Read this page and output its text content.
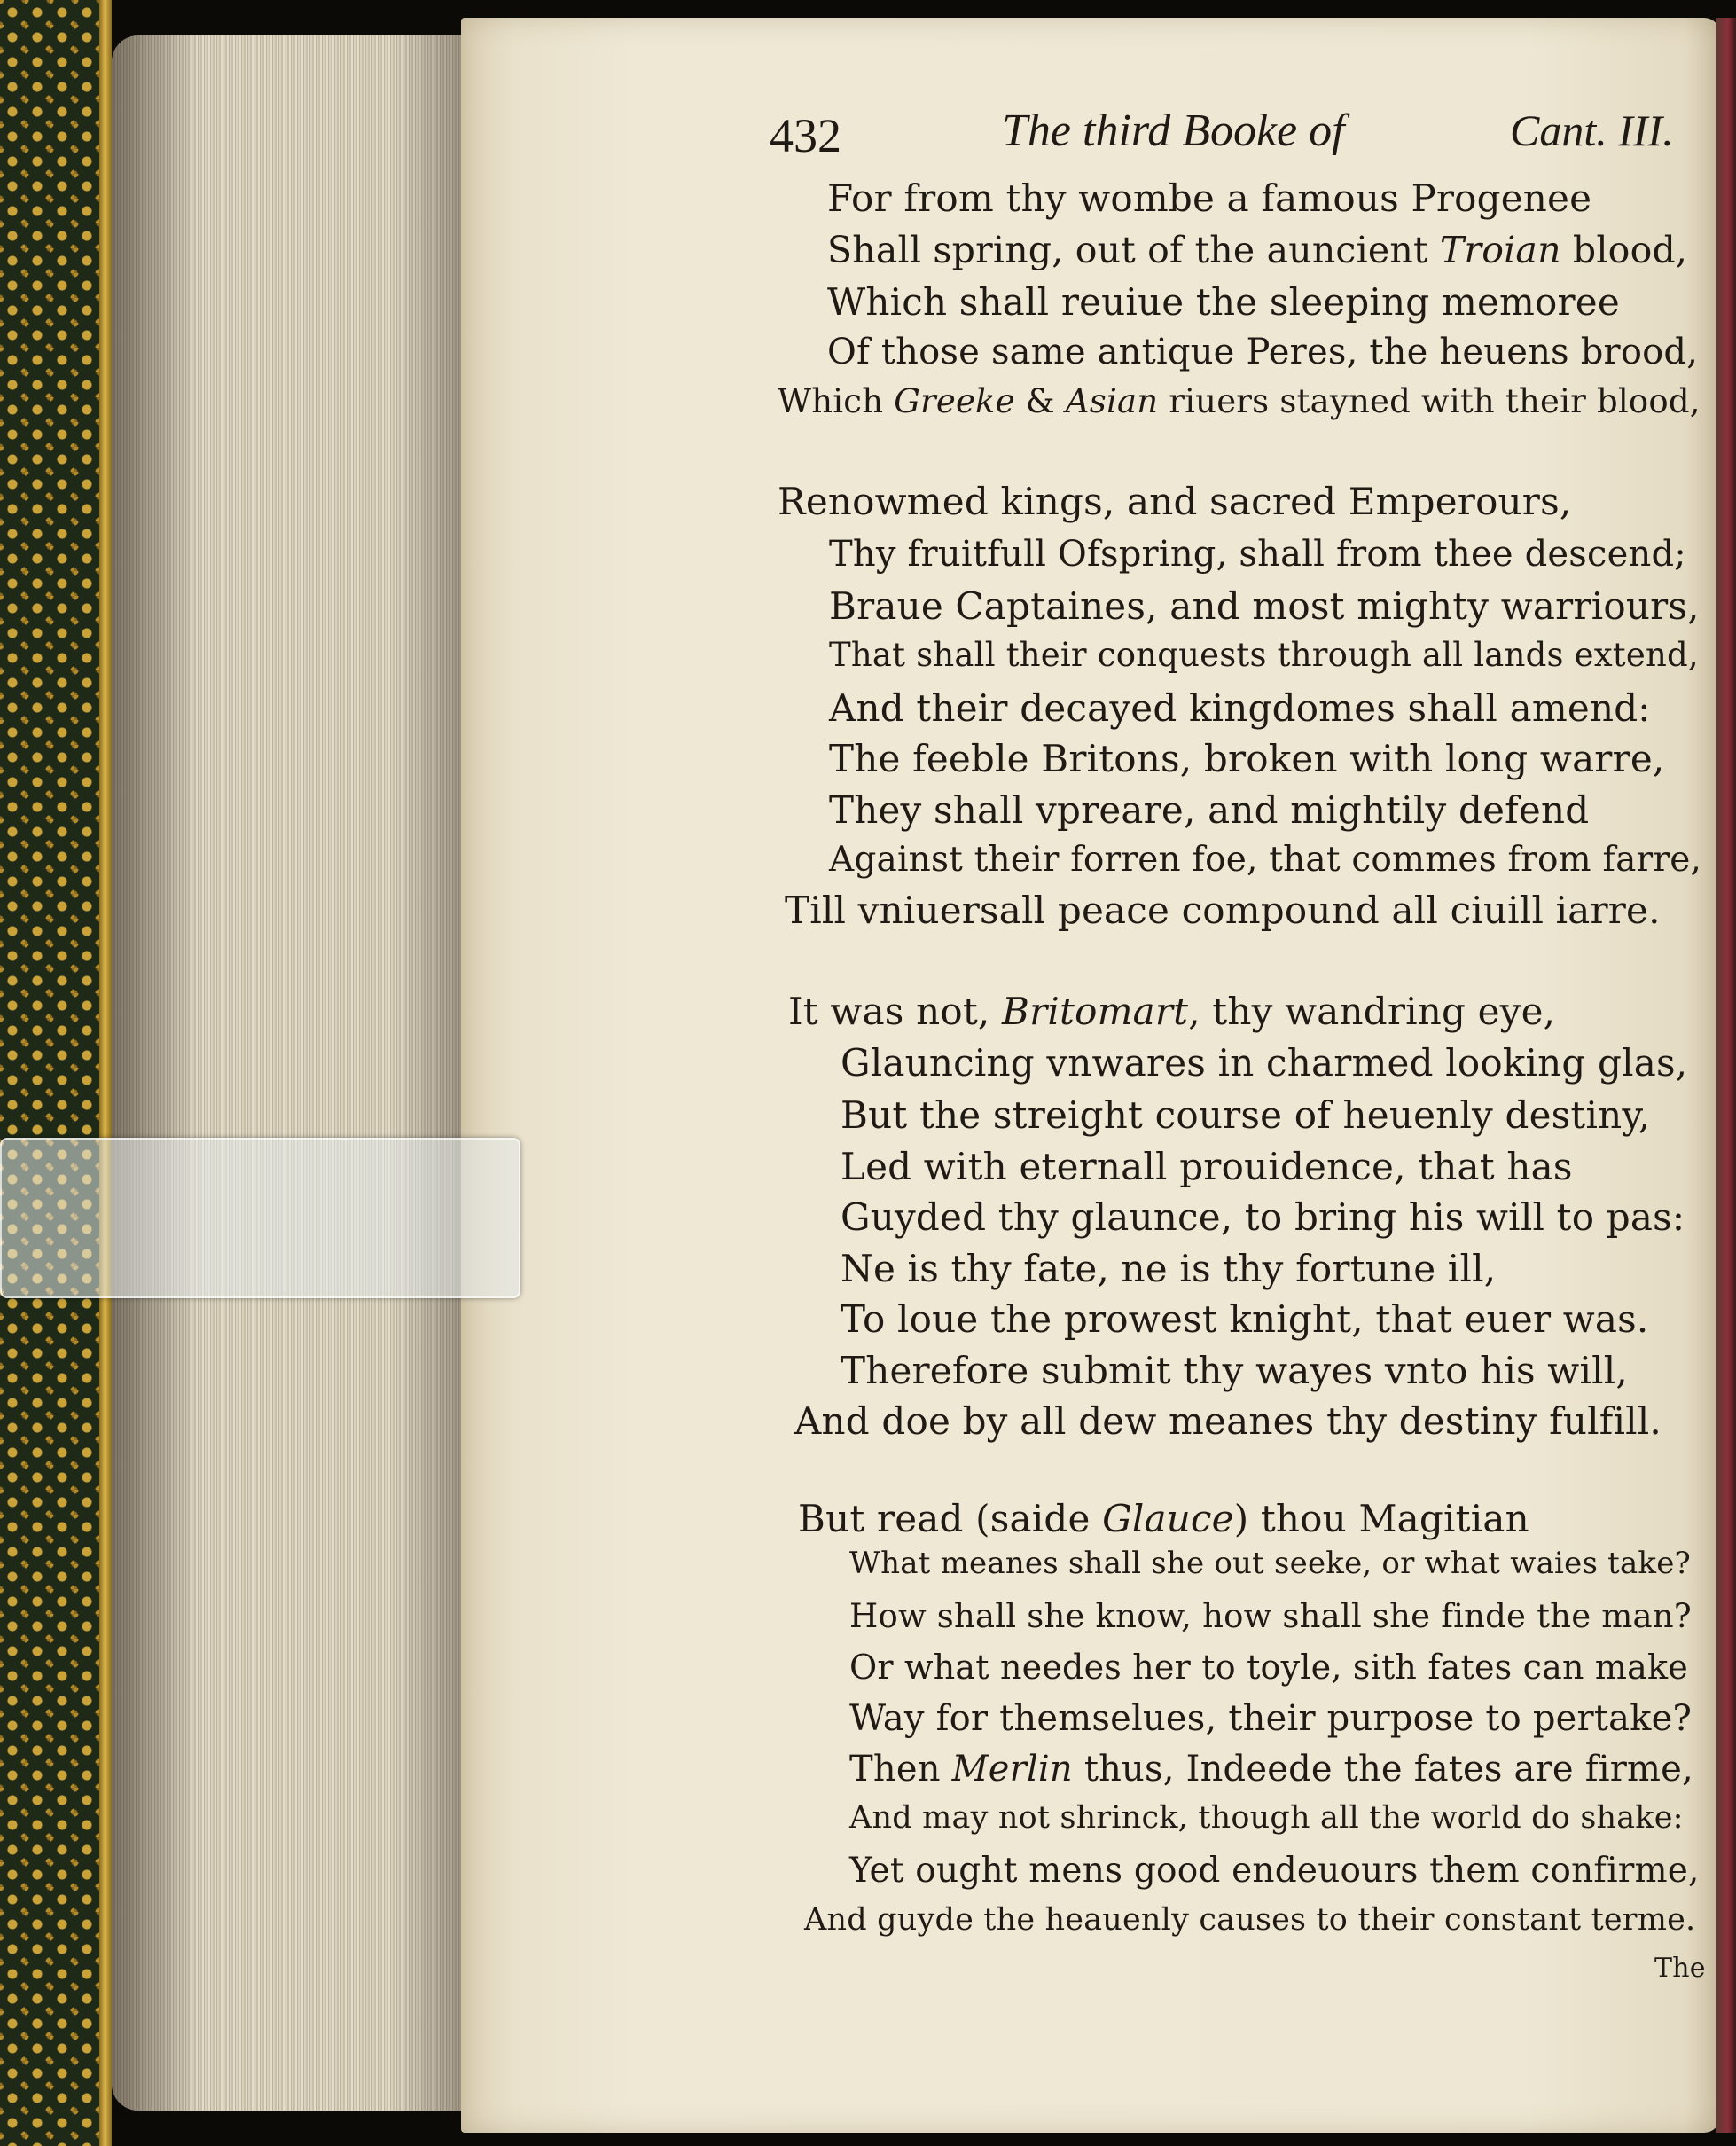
432	The third Booke of	Cant. III.
For from thy wombe a famous Progenee
Shall spring, out of the auncient Troian blood,
Which shall reuiue the sleeping memoree
Of those same antique Peres, the heuens brood,
Which Greeke & Asian riuers stayned with their blood,
Renowmed kings, and sacred Emperours,
Thy fruitfull Ofspring, shall from thee descend;
Braue Captaines, and most mighty warriours,
That shall their conquests through all lands extend,
And their decayed kingdomes shall amend:
The feeble Britons, broken with long warre,
They shall vpreare, and mightily defend
Against their forren foe, that commes from farre,
Till vniuersall peace compound all ciuill iarre.
It was not, Britomart, thy wandring eye,
Glauncing vnwares in charmed looking glas,
But the streight course of heuenly destiny,
Led with eternall prouidence, that has
Guyded thy glaunce, to bring his will to pas:
Ne is thy fate, ne is thy fortune ill,
To loue the prowest knight, that euer was.
Therefore submit thy wayes vnto his will,
And doe by all dew meanes thy destiny fulfill.
But read (saide Glauce) thou Magitian
What meanes shall she out seeke, or what waies take?
How shall she know, how shall she finde the man?
Or what needes her to toyle, sith fates can make
Way for themselues, their purpose to pertake?
Then Merlin thus, Indeede the fates are firme,
And may not shrinck, though all the world do shake:
Yet ought mens good endeuours them confirme,
And guyde the heauenly causes to their constant terme.
The
